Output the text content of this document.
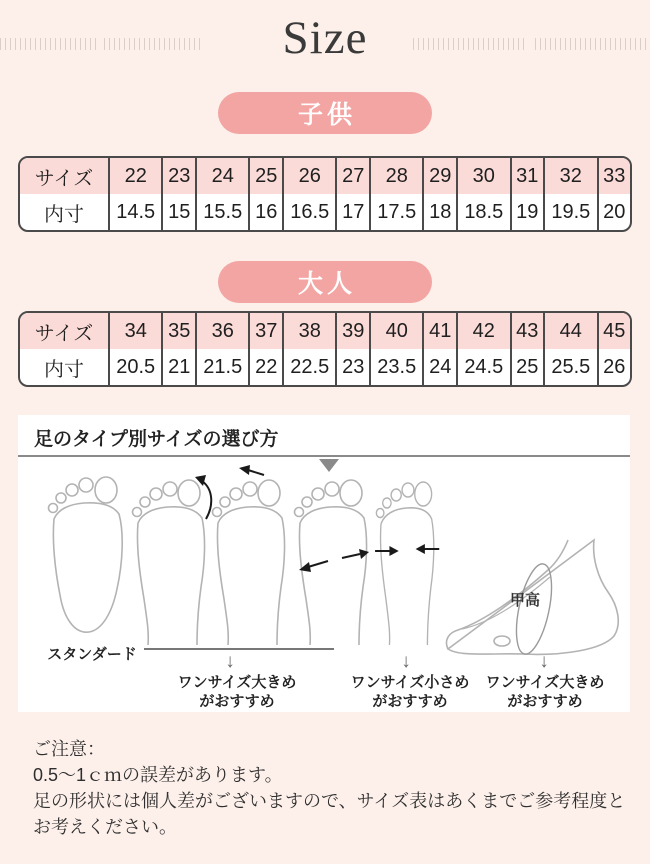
Size
子供
サイズ	22	23	24	25	26	27	28	29	30	31	32	33
内寸	14.5	15	15.5	16	16.5	17	17.5	18	18.5	19	19.5	20
大人
サイズ	34	35	36	37	38	39	40	41	42	43	44	45
内寸	20.5	21	21.5	22	22.5	23	23.5	24	24.5	25	25.5	26
足のタイプ別サイズの選び方
甲高
スタンダード	↓	↓	↓
ワンサイズ大きめ
がおすすめ
ワンサイズ小さめ
がおすすめ
ワンサイズ大きめ
がおすすめ
ご注意：
0.5〜1ｃｍの誤差があります。
足の形状には個人差がございますので、サイズ表はあくまでご参考程度とお考えください。
